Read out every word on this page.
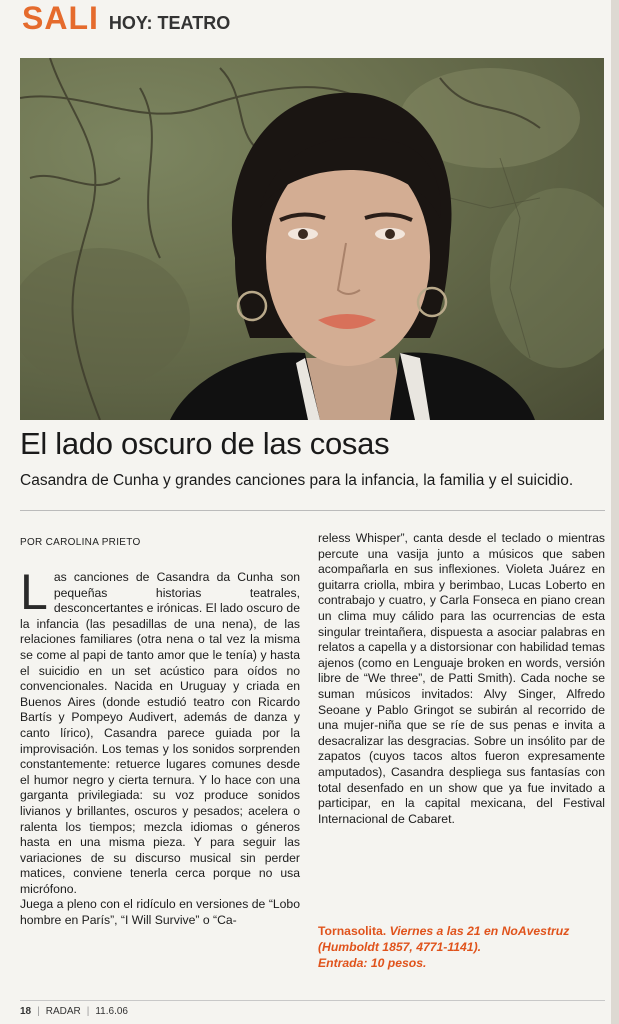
SALI HOY: TEATRO
El lado oscuro de las cosas

Casandra de Cunha y grandes canciones para la infancia, la familia y el suicidio.

POR CAROLINA PRIETO

Las canciones de Casandra da Cunha son pequeñas historias teatrales, desconcertantes e irónicas. El lado oscuro de la infancia (las pesadillas de una nena), de las relaciones familiares (otra nena o tal vez la misma se come al papi de tanto amor que le tenía) y hasta el suicidio en un set acústico para oídos no convencionales. Nacida en Uruguay y criada en Buenos Aires (donde estudió teatro con Ricardo Bartís y Pompeyo Audivert, además de danza y canto lírico), Casandra parece guiada por la improvisación. Los temas y los sonidos sorprenden constantemente: retuerce lugares comunes desde el humor negro y cierta ternura. Y lo hace con una garganta privilegiada: su voz produce sonidos livianos y brillantes, oscuros y pesados; acelera o ralenta los tiempos; mezcla idiomas o géneros hasta en una misma pieza. Y para seguir las variaciones de su discurso musical sin perder matices, conviene tenerla cerca porque no usa micrófono.

Juega a pleno con el ridículo en versiones de “Lobo hombre en París”, “I Will Survive” o “Ca-

reless Whisper”, canta desde el teclado o mientras percute una vasija junto a músicos que saben acompañarla en sus inflexiones. Violeta Juárez en guitarra criolla, mbira y berimbao, Lucas Loberto en contrabajo y cuatro, y Carla Fonseca en piano crean un clima muy cálido para las ocurrencias de esta singular treintañera, dispuesta a asociar palabras en relatos a capella y a distorsionar con habilidad temas ajenos (como en Lenguaje broken en words, versión libre de “We three”, de Patti Smith). Cada noche se suman músicos invitados: Alvy Singer, Alfredo Seoane y Pablo Gringot se subirán al recorrido de una mujer-niña que se ríe de sus penas e invita a desacralizar las desgracias. Sobre un insólito par de zapatos (cuyos tacos altos fueron expresamente amputados), Casandra despliega sus fantasías con total desenfado en un show que ya fue invitado a participar, en la capital mexicana, del Festival Internacional de Cabaret.

Tornasolita. Viernes a las 21 en NoAvestruz (Humboldt 1857, 4771-1141).
Entrada: 10 pesos.
18 | RADAR | 11.6.06
